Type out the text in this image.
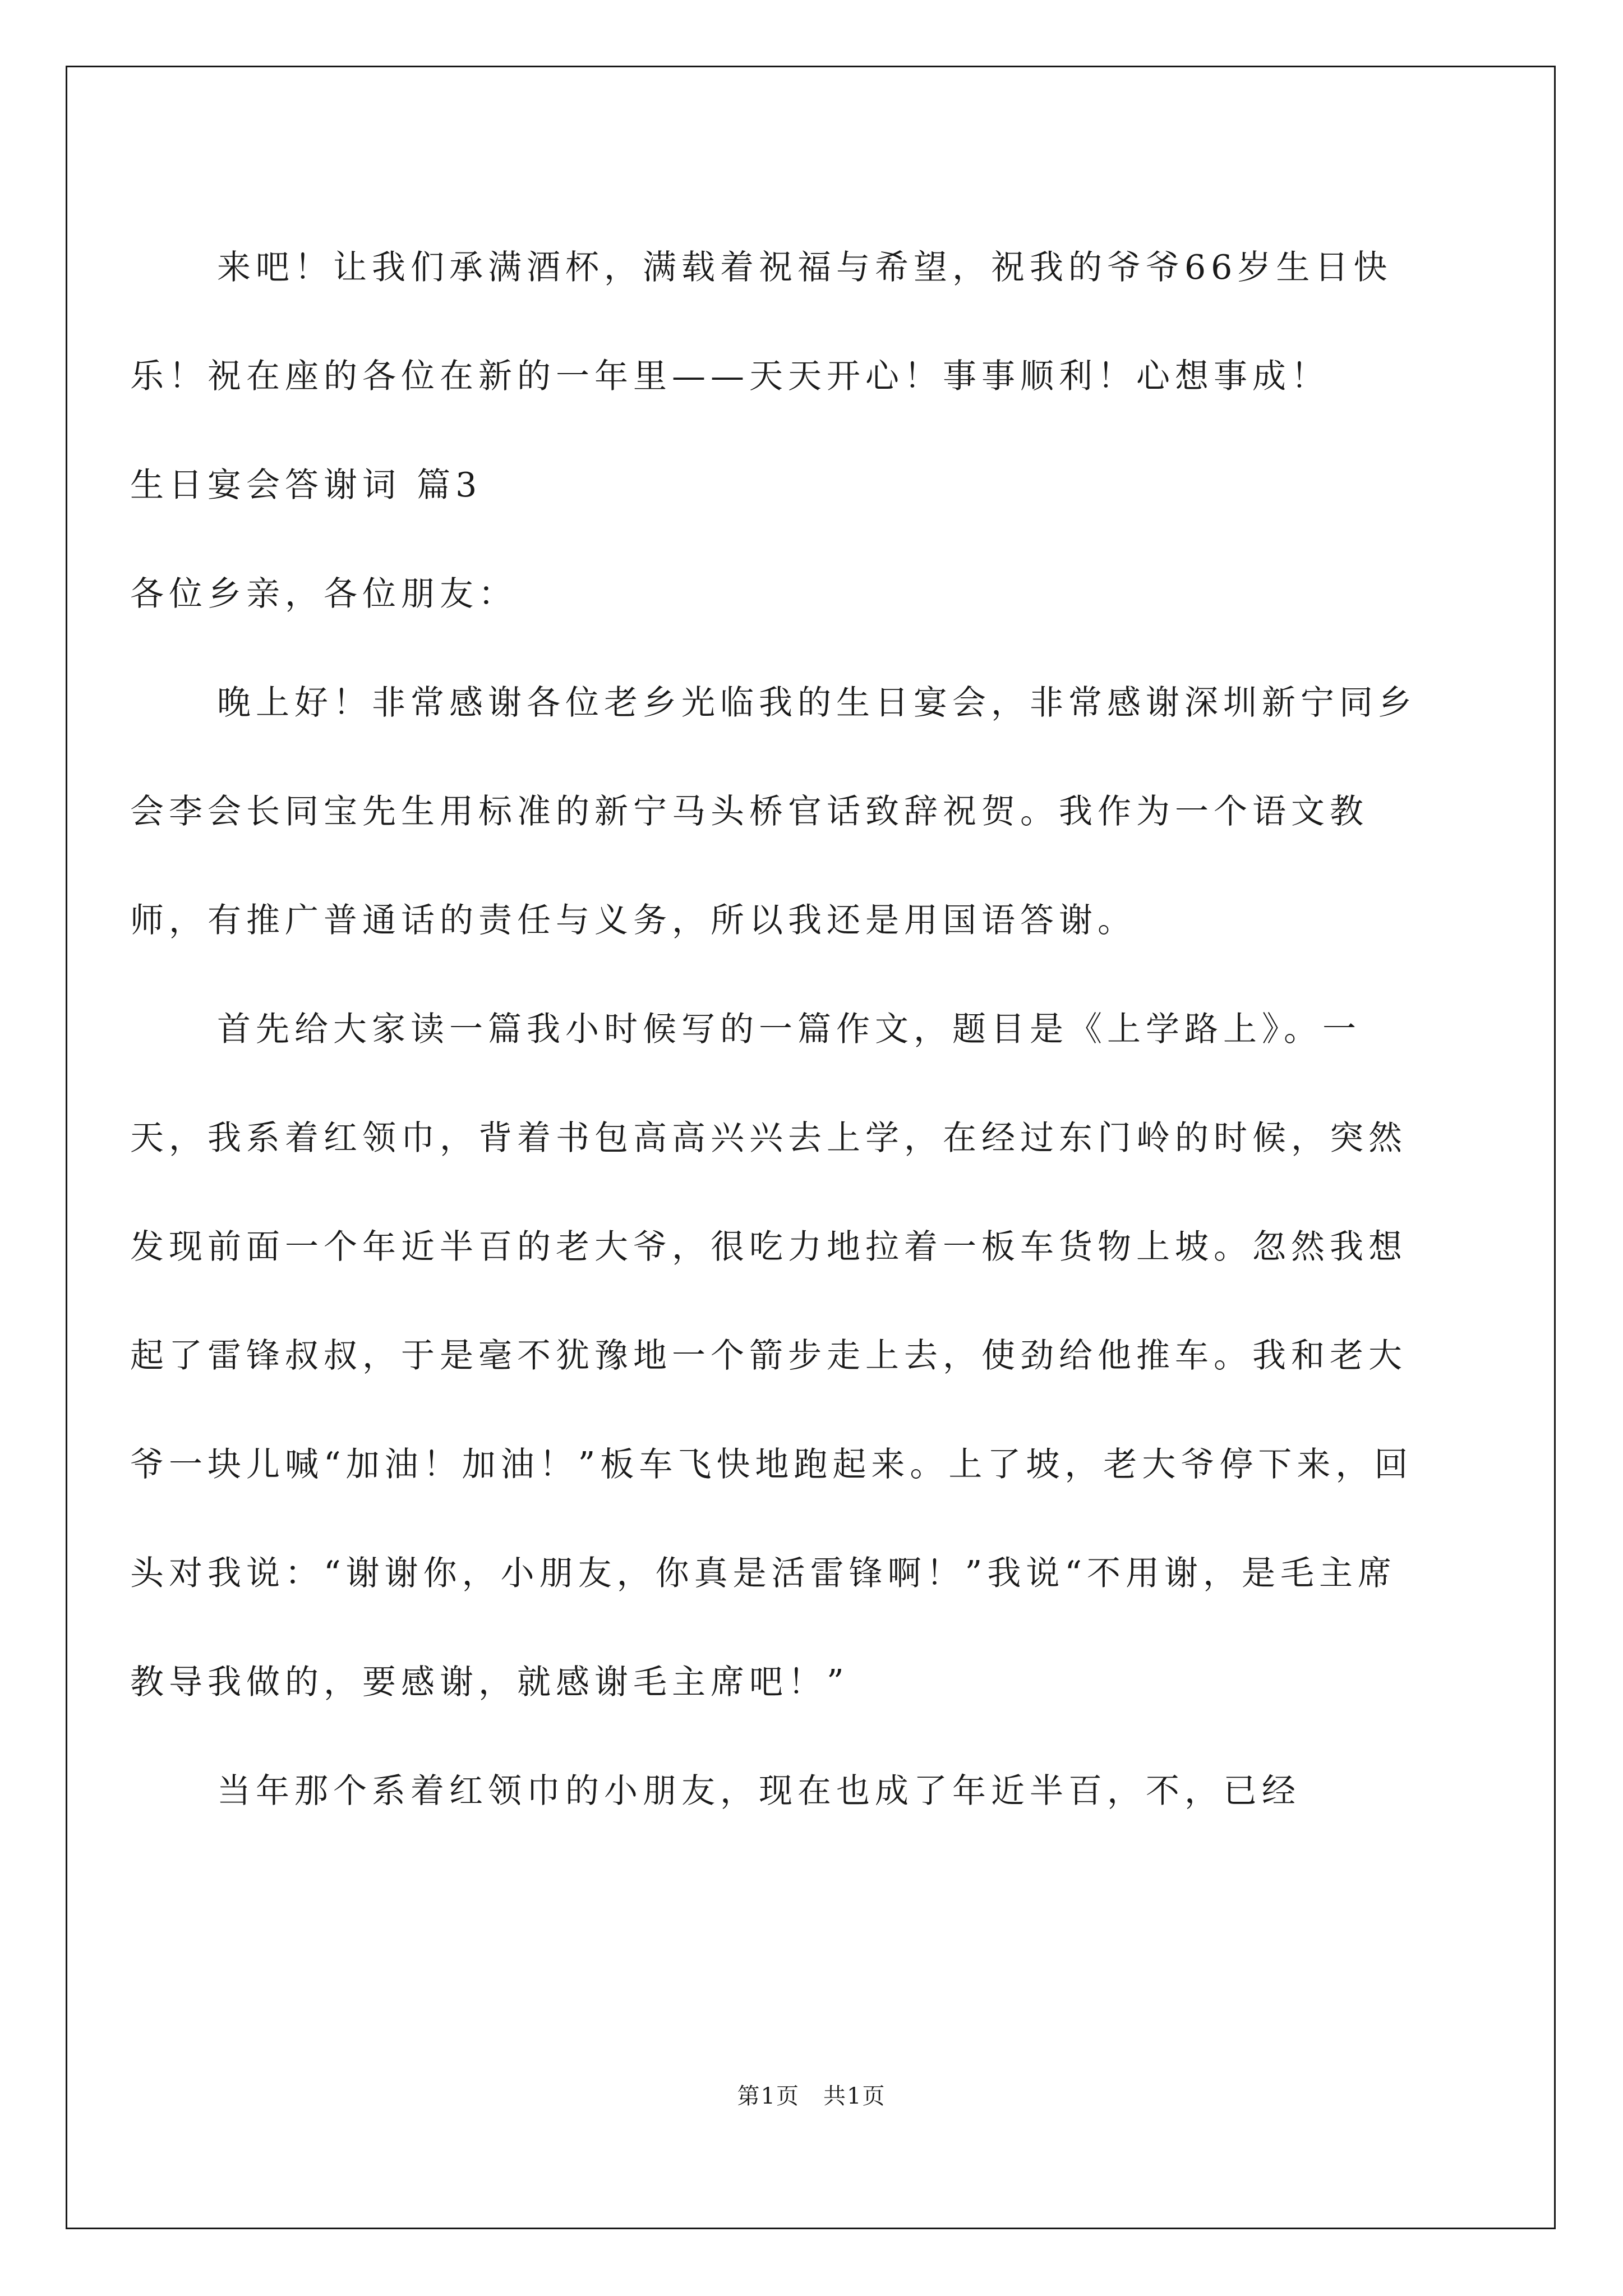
来吧！让我们承满酒杯，满载着祝福与希望，祝我的爷爷66岁生日快乐！祝在座的各位在新的一年里——天天开心！事事顺利！心想事成！

生日宴会答谢词 篇3

各位乡亲，各位朋友：

晚上好！非常感谢各位老乡光临我的生日宴会，非常感谢深圳新宁同乡会李会长同宝先生用标准的新宁马头桥官话致辞祝贺。我作为一个语文教师，有推广普通话的责任与义务，所以我还是用国语答谢。

首先给大家读一篇我小时候写的一篇作文，题目是《上学路上》。一天，我系着红领巾，背着书包高高兴兴去上学，在经过东门岭的时候，突然发现前面一个年近半百的老大爷，很吃力地拉着一板车货物上坡。忽然我想起了雷锋叔叔，于是毫不犹豫地一个箭步走上去，使劲给他推车。我和老大爷一块儿喊“加油！加油！”板车飞快地跑起来。上了坡，老大爷停下来，回头对我说：“谢谢你，小朋友，你真是活雷锋啊！”我说“不用谢，是毛主席教导我做的，要感谢，就感谢毛主席吧！”

当年那个系着红领巾的小朋友，现在也成了年近半百，不，已经

第1页　共1页
